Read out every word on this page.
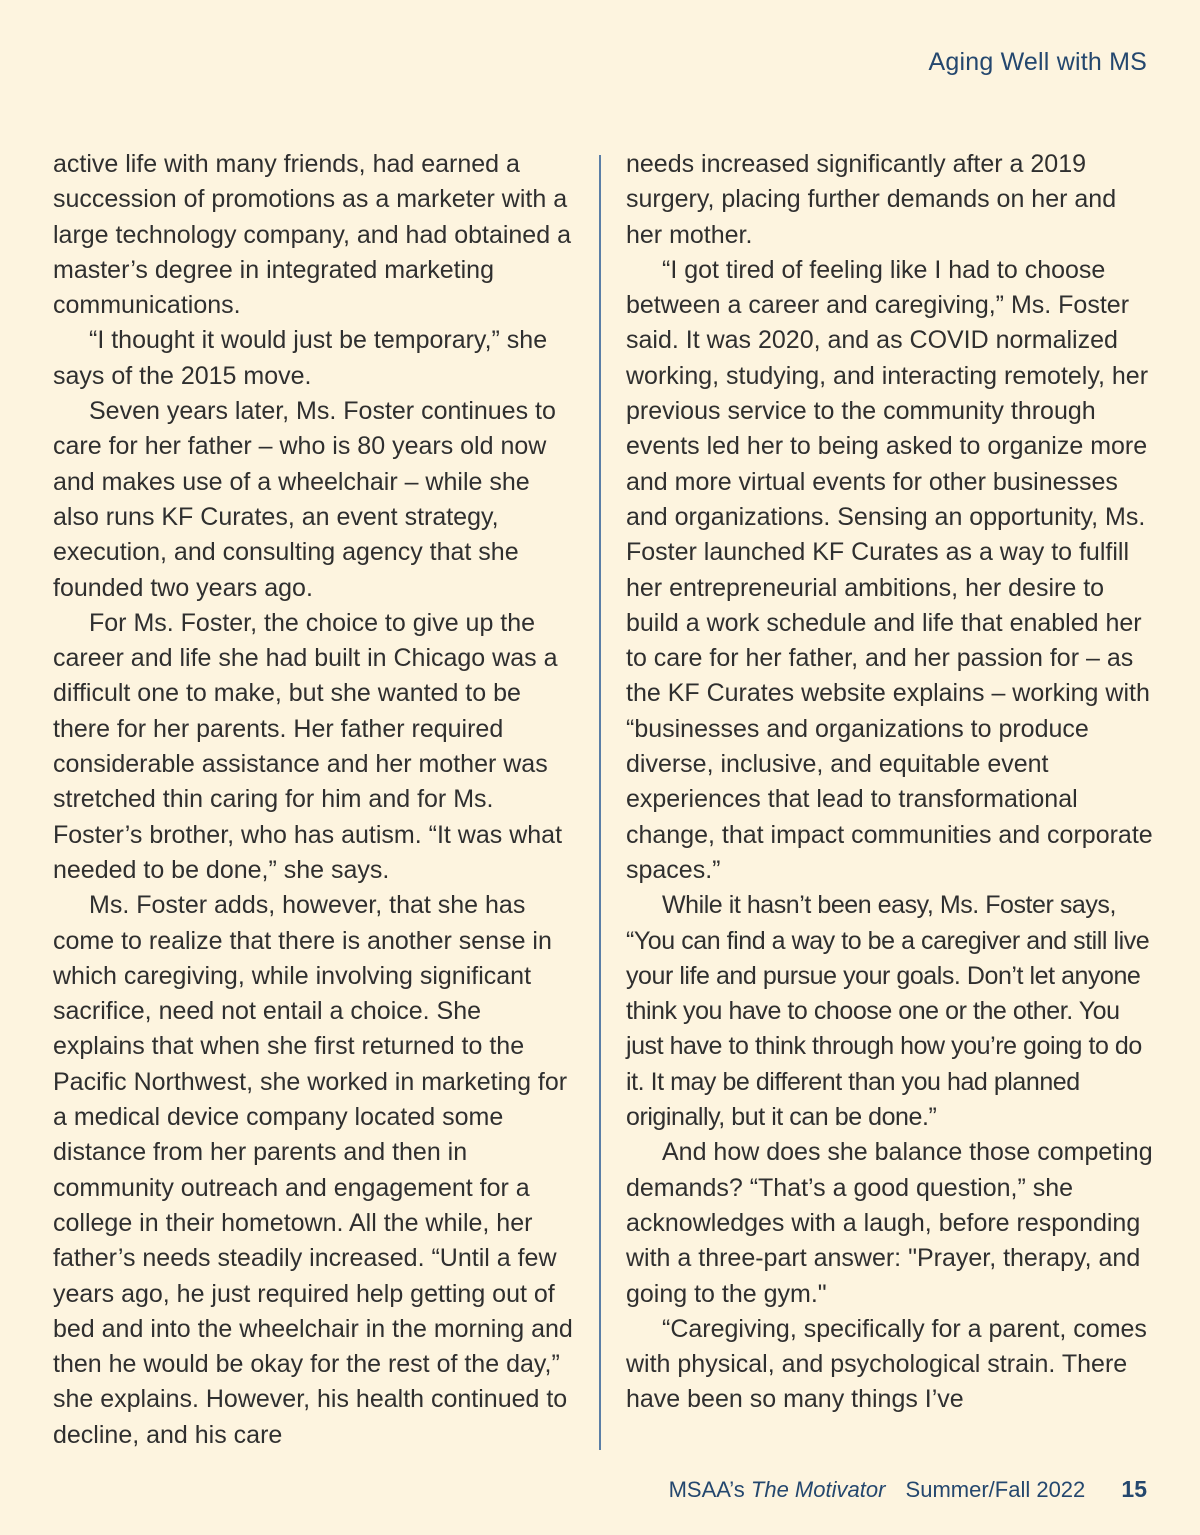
Aging Well with MS

active life with many friends, had earned a succession of promotions as a marketer with a large technology company, and had obtained a master’s degree in integrated marketing communications.

“I thought it would just be temporary,” she says of the 2015 move.

Seven years later, Ms. Foster continues to care for her father – who is 80 years old now and makes use of a wheelchair – while she also runs KF Curates, an event strategy, execution, and consulting agency that she founded two years ago.

For Ms. Foster, the choice to give up the career and life she had built in Chicago was a difficult one to make, but she wanted to be there for her parents. Her father required considerable assistance and her mother was stretched thin caring for him and for Ms. Foster’s brother, who has autism. “It was what needed to be done,” she says.

Ms. Foster adds, however, that she has come to realize that there is another sense in which caregiving, while involving significant sacrifice, need not entail a choice. She explains that when she first returned to the Pacific Northwest, she worked in marketing for a medical device company located some distance from her parents and then in community outreach and engagement for a college in their hometown. All the while, her father’s needs steadily increased. “Until a few years ago, he just required help getting out of bed and into the wheelchair in the morning and then he would be okay for the rest of the day,” she explains. However, his health continued to decline, and his care

needs increased significantly after a 2019 surgery, placing further demands on her and her mother.

“I got tired of feeling like I had to choose between a career and caregiving,” Ms. Foster said. It was 2020, and as COVID normalized working, studying, and interacting remotely, her previous service to the community through events led her to being asked to organize more and more virtual events for other businesses and organizations. Sensing an opportunity, Ms. Foster launched KF Curates as a way to fulfill her entrepreneurial ambitions, her desire to build a work schedule and life that enabled her to care for her father, and her passion for – as the KF Curates website explains – working with “businesses and organizations to produce diverse, inclusive, and equitable event experiences that lead to transformational change, that impact communities and corporate spaces.”

While it hasn’t been easy, Ms. Foster says, “You can find a way to be a caregiver and still live your life and pursue your goals. Don’t let anyone think you have to choose one or the other. You just have to think through how you’re going to do it. It may be different than you had planned originally, but it can be done.”

And how does she balance those competing demands? “That’s a good question,” she acknowledges with a laugh, before responding with a three-part answer: "Prayer, therapy, and going to the gym."

“Caregiving, specifically for a parent, comes with physical, and psychological strain. There have been so many things I’ve

MSAA’s The Motivator Summer/Fall 2022 15
